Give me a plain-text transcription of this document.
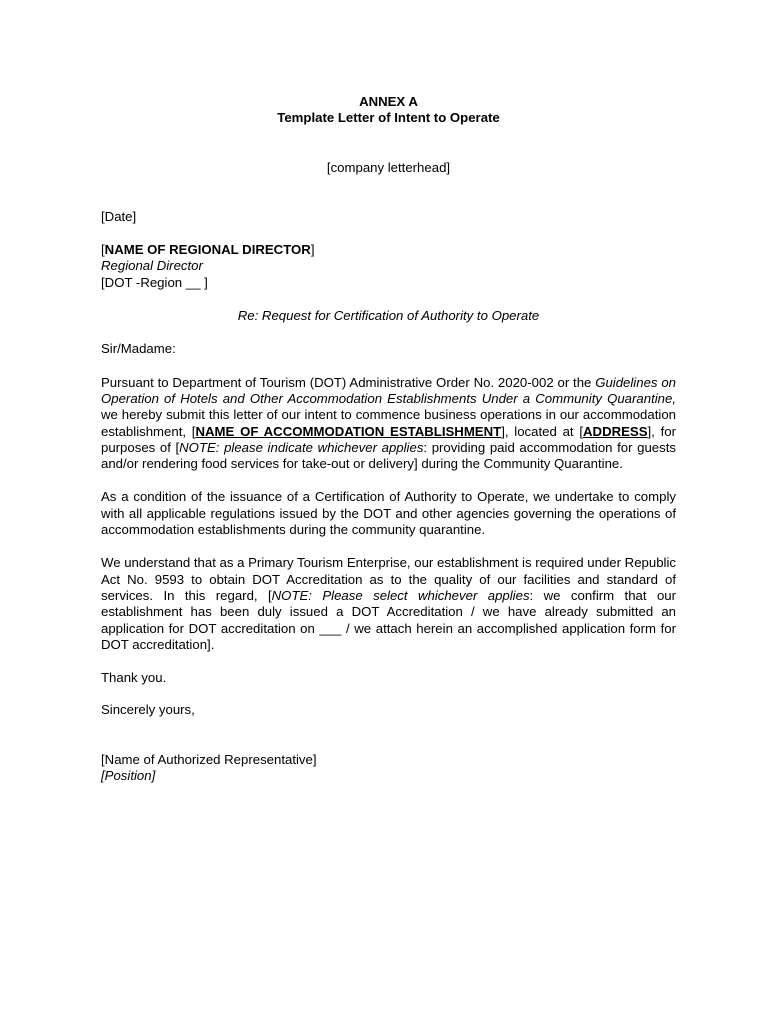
ANNEX A

Template Letter of Intent to Operate

[company letterhead]

[Date]

[NAME OF REGIONAL DIRECTOR]

Regional Director

[DOT -Region __ ]

Re: Request for Certification of Authority to Operate

Sir/Madame:

Pursuant to Department of Tourism (DOT) Administrative Order No. 2020-002 or the Guidelines on Operation of Hotels and Other Accommodation Establishments Under a Community Quarantine, we hereby submit this letter of our intent to commence business operations in our accommodation establishment, [NAME OF ACCOMMODATION ESTABLISHMENT], located at [ADDRESS], for purposes of [NOTE: please indicate whichever applies: providing paid accommodation for guests and/or rendering food services for take-out or delivery] during the Community Quarantine.

As a condition of the issuance of a Certification of Authority to Operate, we undertake to comply with all applicable regulations issued by the DOT and other agencies governing the operations of accommodation establishments during the community quarantine.

We understand that as a Primary Tourism Enterprise, our establishment is required under Republic Act No. 9593 to obtain DOT Accreditation as to the quality of our facilities and standard of services. In this regard, [NOTE: Please select whichever applies: we confirm that our establishment has been duly issued a DOT Accreditation / we have already submitted an application for DOT accreditation on ___ / we attach herein an accomplished application form for DOT accreditation].

Thank you.

Sincerely yours,

[Name of Authorized Representative]

[Position]
